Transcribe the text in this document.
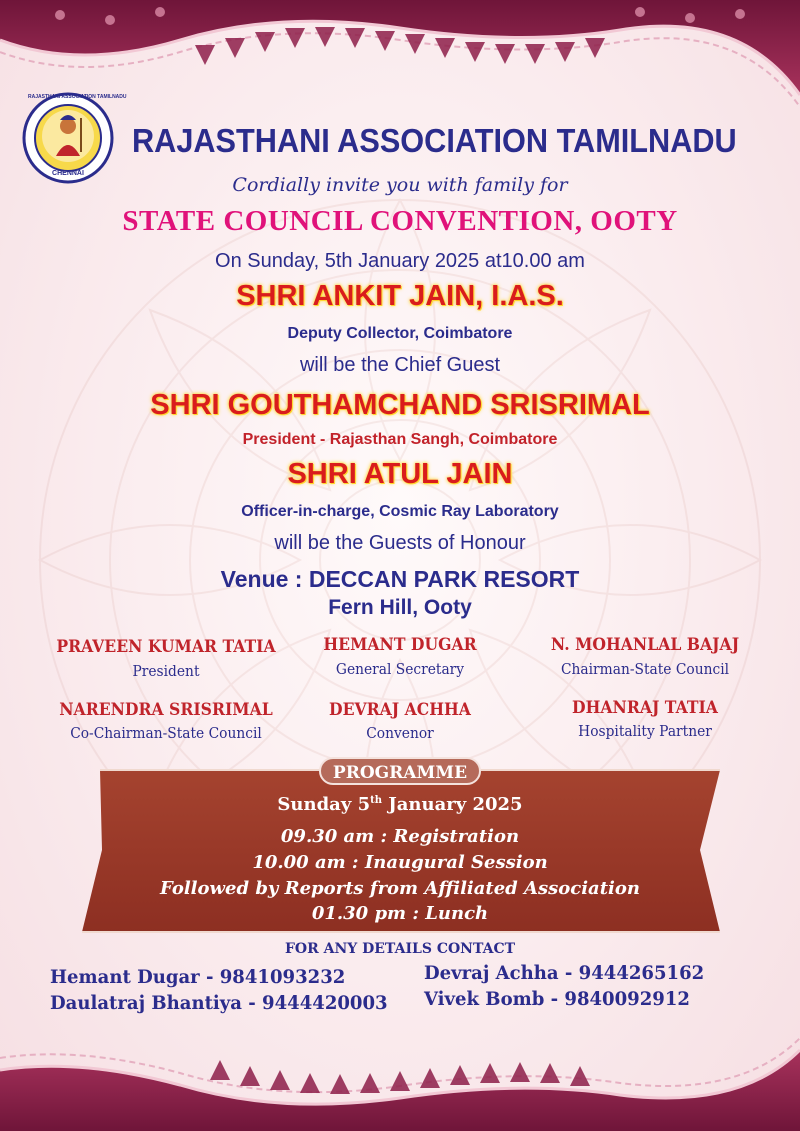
RAJASTHANI ASSOCIATION TAMILNADU
CHENNAI
RAJASTHANI ASSOCIATION TAMILNADU
Cordially invite you with family for
STATE COUNCIL CONVENTION, OOTY
On Sunday, 5th January 2025 at10.00 am
SHRI ANKIT JAIN, I.A.S.
Deputy Collector, Coimbatore
will be the Chief Guest
SHRI GOUTHAMCHAND SRISRIMAL
President - Rajasthan Sangh, Coimbatore
SHRI ATUL JAIN
Officer-in-charge, Cosmic Ray Laboratory
will be the Guests of Honour
Venue : DECCAN PARK RESORT
Fern Hill, Ooty
PRAVEEN KUMAR TATIA
President
HEMANT DUGAR
General Secretary
N. MOHANLAL BAJAJ
Chairman-State Council
NARENDRA SRISRIMAL
Co-Chairman-State Council
DEVRAJ ACHHA
Convenor
DHANRAJ TATIA
Hospitality Partner
PROGRAMME
Sunday 5th January 2025
09.30 am : Registration
10.00 am : Inaugural Session
Followed by Reports from Affiliated Association
01.30 pm : Lunch
FOR ANY DETAILS CONTACT
Hemant Dugar - 9841093232
Daulatraj Bhantiya - 9444420003
Devraj Achha - 9444265162
Vivek Bomb - 9840092912
